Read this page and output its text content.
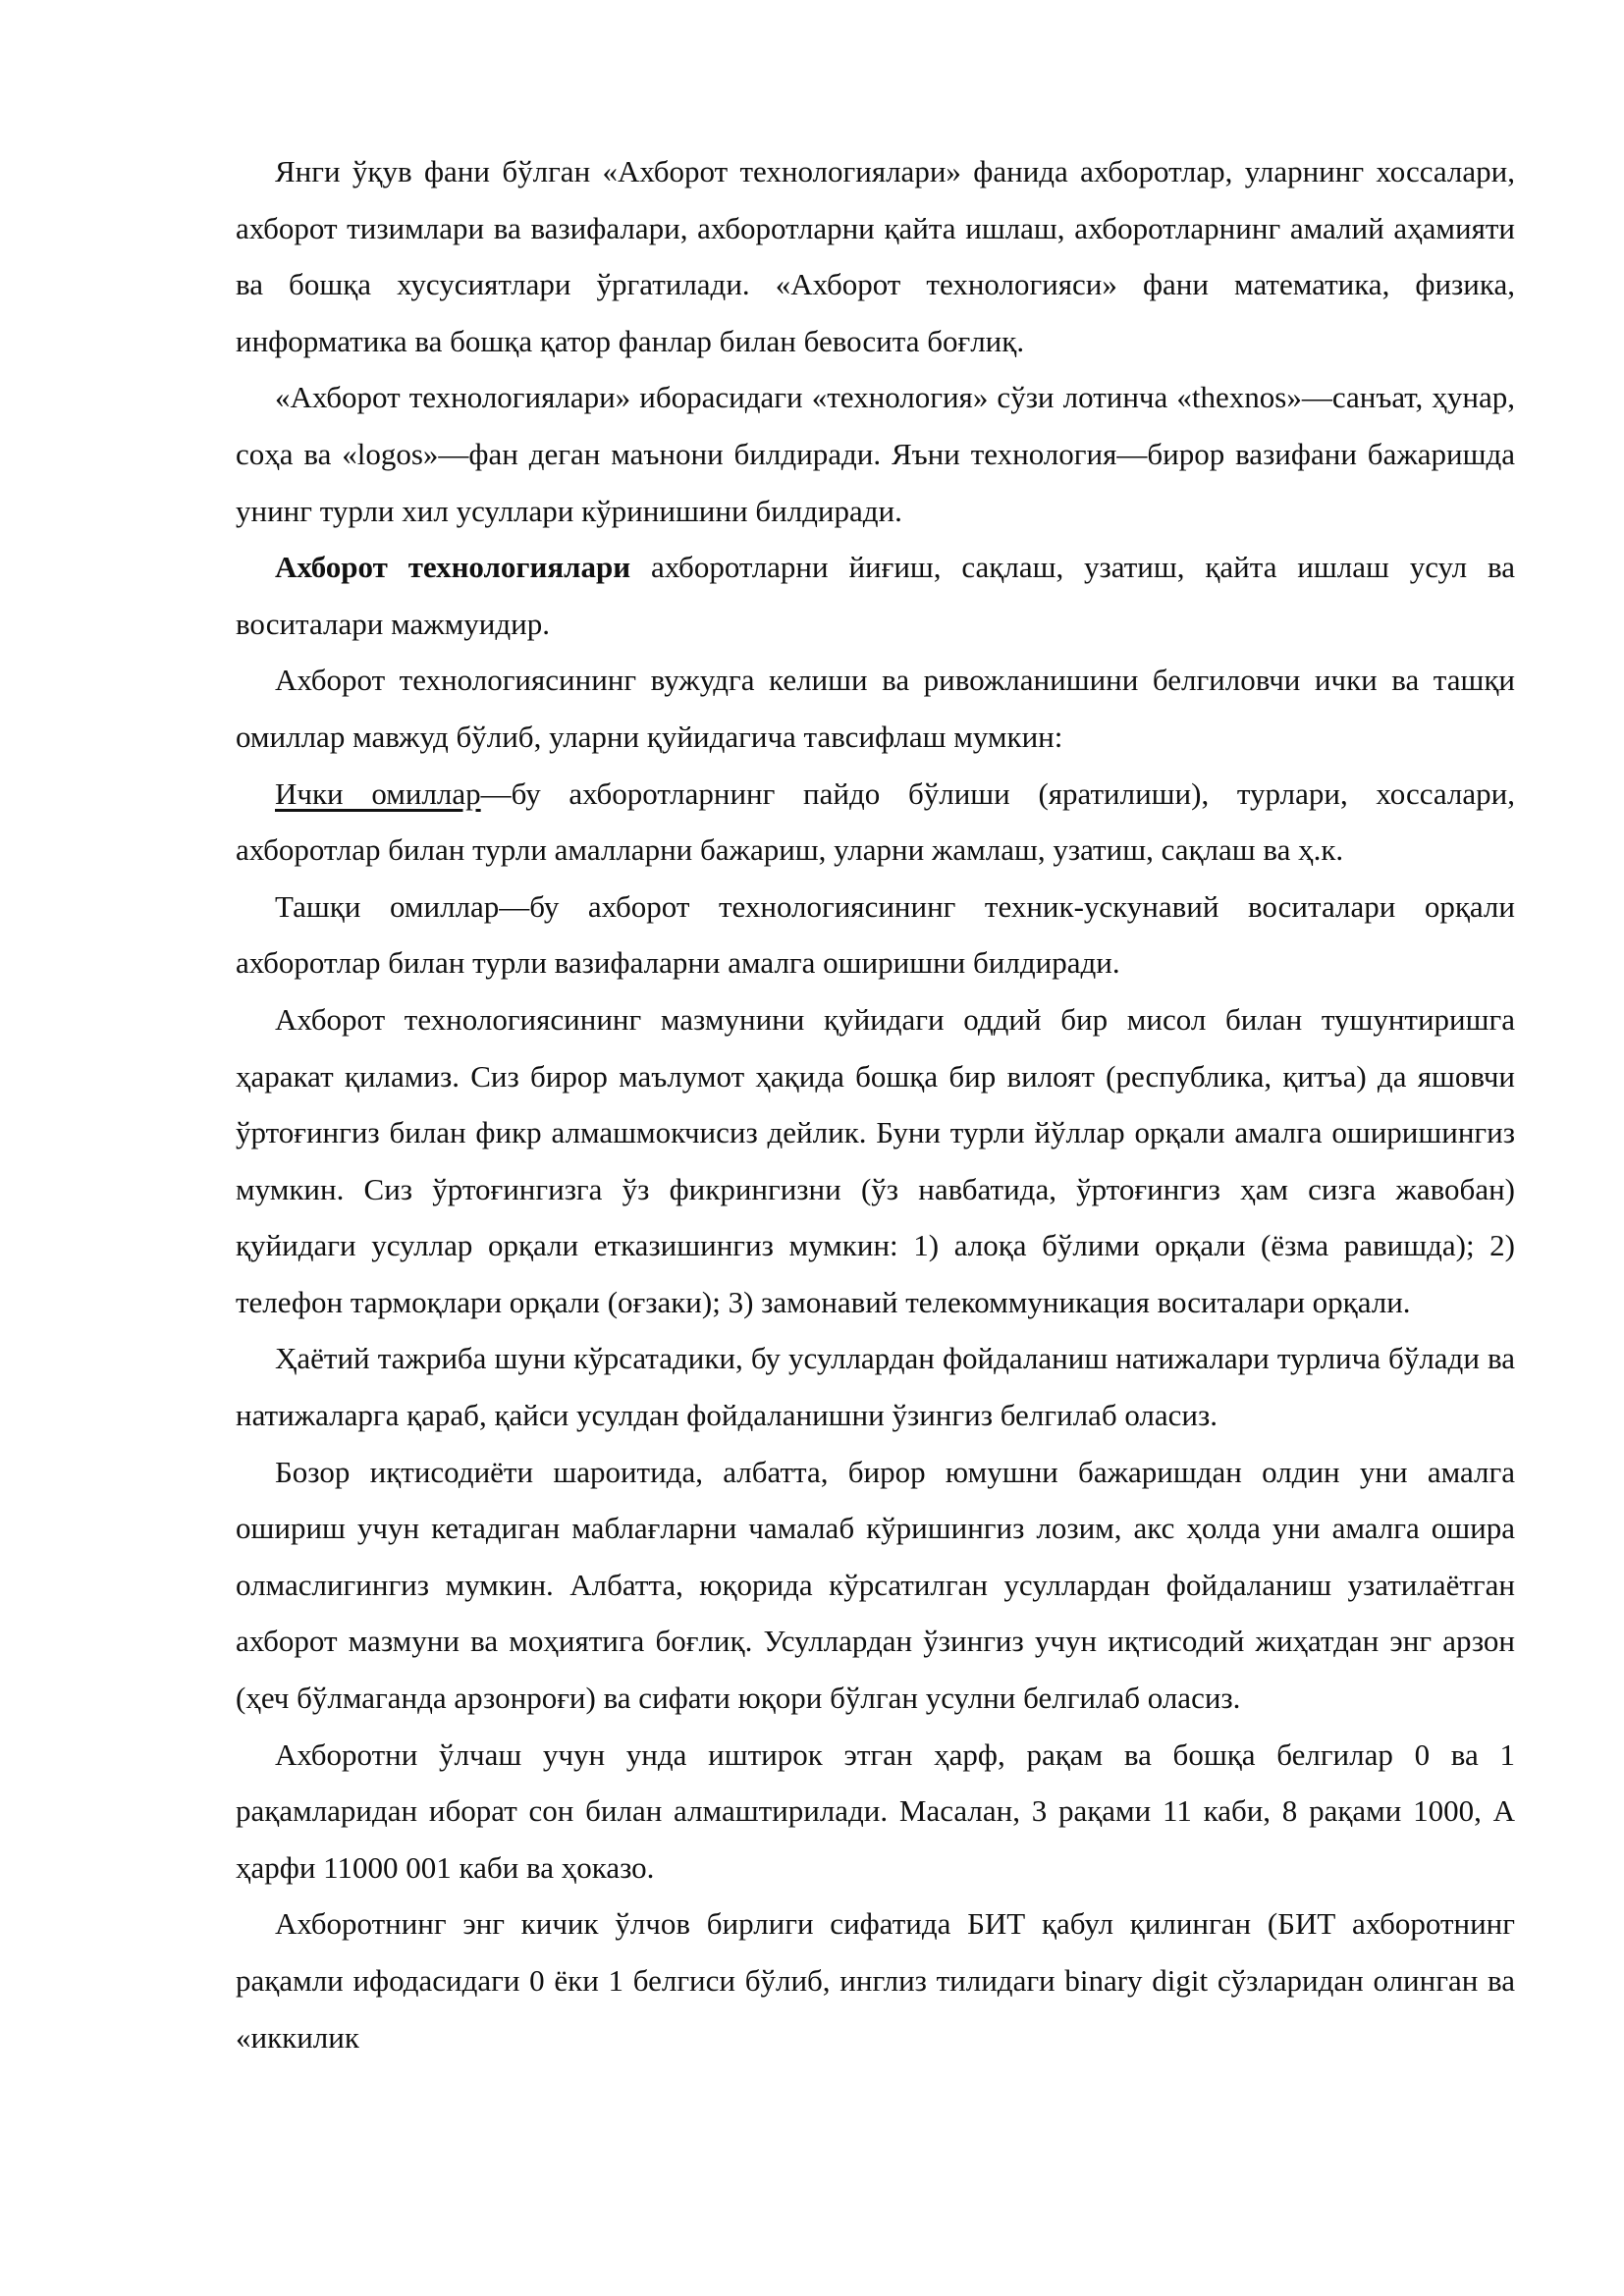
Янги ўқув фани бўлган «Ахборот технологиялари» фанида ахборотлар, уларнинг хоссалари, ахборот тизимлари ва вазифалари, ахборотларни қайта ишлаш, ахборотларнинг амалий аҳамияти ва бошқа хусусиятлари ўргатилади. «Ахборот технологияси» фани математика, физика, информатика ва бошқа қатор фанлар билан бевосита боғлиқ.

«Ахборот технологиялари» иборасидаги «технология» сўзи лотинча «thexnos»—санъат, ҳунар, соҳа ва «logos»—фан деган маънони билдиради. Яъни технология—бирор вазифани бажаришда унинг турли хил усуллари кўринишини билдиради.

Ахборот технологиялари ахборотларни йиғиш, сақлаш, узатиш, қайта ишлаш усул ва воситалари мажмуидир.

Ахборот технологиясининг вужудга келиши ва ривожланишини белгиловчи ички ва ташқи омиллар мавжуд бўлиб, уларни қуйидагича тавсифлаш мумкин:

Ички омиллар—бу ахборотларнинг пайдо бўлиши (яратилиши), турлари, хоссалари, ахборотлар билан турли амалларни бажариш, уларни жамлаш, узатиш, сақлаш ва ҳ.к.

Ташқи омиллар—бу ахборот технологиясининг техник-ускунавий воситалари орқали ахборотлар билан турли вазифаларни амалга оширишни билдиради.

Ахборот технологиясининг мазмунини қуйидаги оддий бир мисол билан тушунтиришга ҳаракат қиламиз. Сиз бирор маълумот ҳақида бошқа бир вилоят (республика, қитъа) да яшовчи ўртоғингиз билан фикр алмашмокчисиз дейлик. Буни турли йўллар орқали амалга оширишингиз мумкин. Сиз ўртоғингизга ўз фикрингизни (ўз навбатида, ўртоғингиз ҳам сизга жавобан) қуйидаги усуллар орқали етказишингиз мумкин: 1) алоқа бўлими орқали (ёзма равишда); 2) телефон тармоқлари орқали (оғзаки); 3) замонавий телекоммуникация воситалари орқали.

Ҳаётий тажриба шуни кўрсатадики, бу усуллардан фойдаланиш натижалари турлича бўлади ва натижаларга қараб, қайси усулдан фойдаланишни ўзингиз белгилаб оласиз.

Бозор иқтисодиёти шароитида, албатта, бирор юмушни бажаришдан олдин уни амалга ошириш учун кетадиган маблағларни чамалаб кўришингиз лозим, акс ҳолда уни амалга ошира олмаслигингиз мумкин. Албатта, юқорида кўрсатилган усуллардан фойдаланиш узатилаётган ахборот мазмуни ва моҳиятига боғлиқ. Усуллардан ўзингиз учун иқтисодий жиҳатдан энг арзон (ҳеч бўлмаганда арзонроғи) ва сифати юқори бўлган усулни белгилаб оласиз.

Ахборотни ўлчаш учун унда иштирок этган ҳарф, рақам ва бошқа белгилар 0 ва 1 рақамларидан иборат сон билан алмаштирилади. Масалан, 3 рақами 11 каби, 8 рақами 1000, А ҳарфи 11000 001 каби ва ҳоказо.

Ахборотнинг энг кичик ўлчов бирлиги сифатида БИТ қабул қилинган (БИТ ахборотнинг рақамли ифодасидаги 0 ёки 1 белгиси бўлиб, инглиз тилидаги binary digit сўзларидан олинган ва «иккилик
